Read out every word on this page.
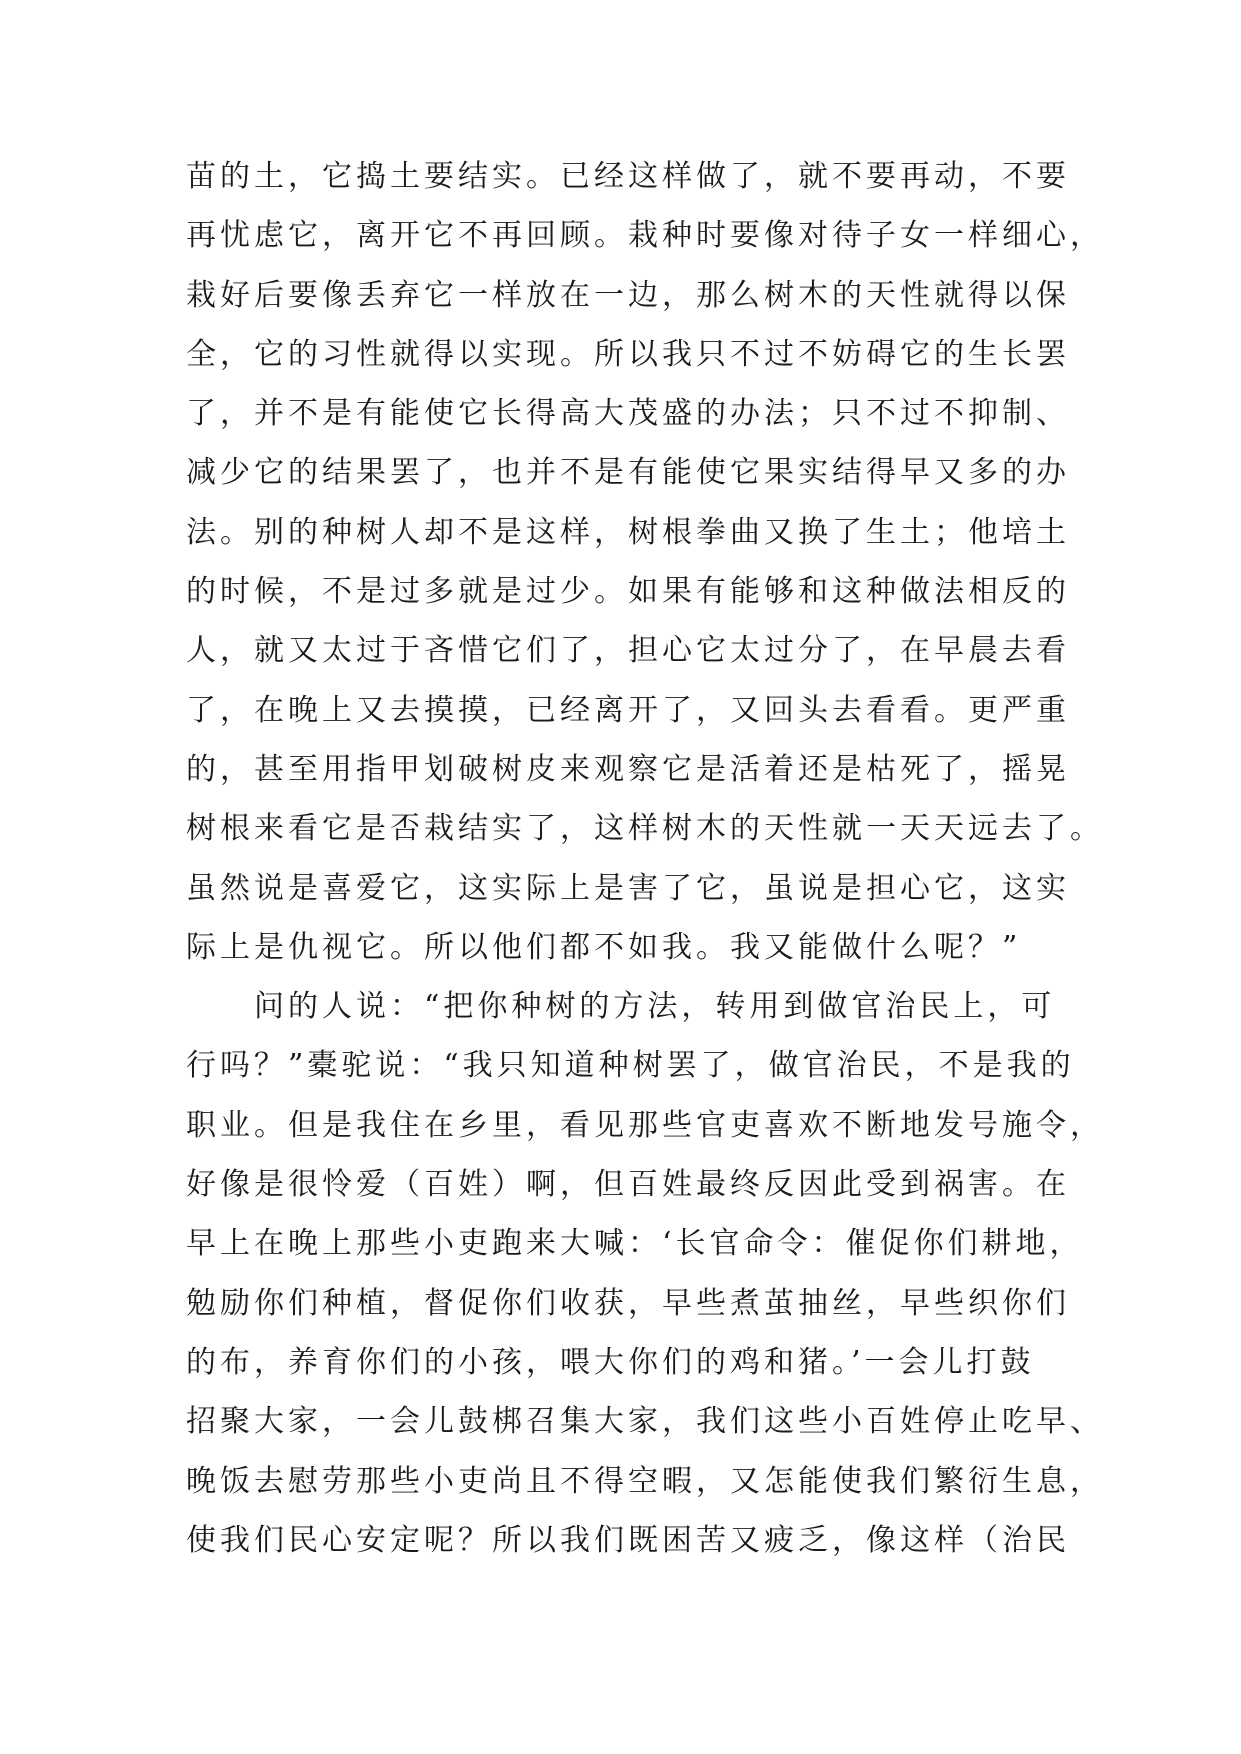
苗的土，它捣土要结实。已经这样做了，就不要再动，不要
再忧虑它，离开它不再回顾。栽种时要像对待子女一样细心，
栽好后要像丢弃它一样放在一边，那么树木的天性就得以保
全，它的习性就得以实现。所以我只不过不妨碍它的生长罢
了，并不是有能使它长得高大茂盛的办法；只不过不抑制、
减少它的结果罢了，也并不是有能使它果实结得早又多的办
法。别的种树人却不是这样，树根拳曲又换了生土；他培土
的时候，不是过多就是过少。如果有能够和这种做法相反的
人，就又太过于吝惜它们了，担心它太过分了，在早晨去看
了，在晚上又去摸摸，已经离开了，又回头去看看。更严重
的，甚至用指甲划破树皮来观察它是活着还是枯死了，摇晃
树根来看它是否栽结实了，这样树木的天性就一天天远去了。
虽然说是喜爱它，这实际上是害了它，虽说是担心它，这实
际上是仇视它。所以他们都不如我。我又能做什么呢？”
问的人说：“把你种树的方法，转用到做官治民上，可
行吗？”橐驼说：“我只知道种树罢了，做官治民，不是我的
职业。但是我住在乡里，看见那些官吏喜欢不断地发号施令，
好像是很怜爱（百姓）啊，但百姓最终反因此受到祸害。在
早上在晚上那些小吏跑来大喊：‘长官命令：催促你们耕地，
勉励你们种植，督促你们收获，早些煮茧抽丝，早些织你们
的布，养育你们的小孩，喂大你们的鸡和猪。’一会儿打鼓
招聚大家，一会儿鼓梆召集大家，我们这些小百姓停止吃早、
晚饭去慰劳那些小吏尚且不得空暇，又怎能使我们繁衍生息，
使我们民心安定呢？所以我们既困苦又疲乏，像这样（治民
